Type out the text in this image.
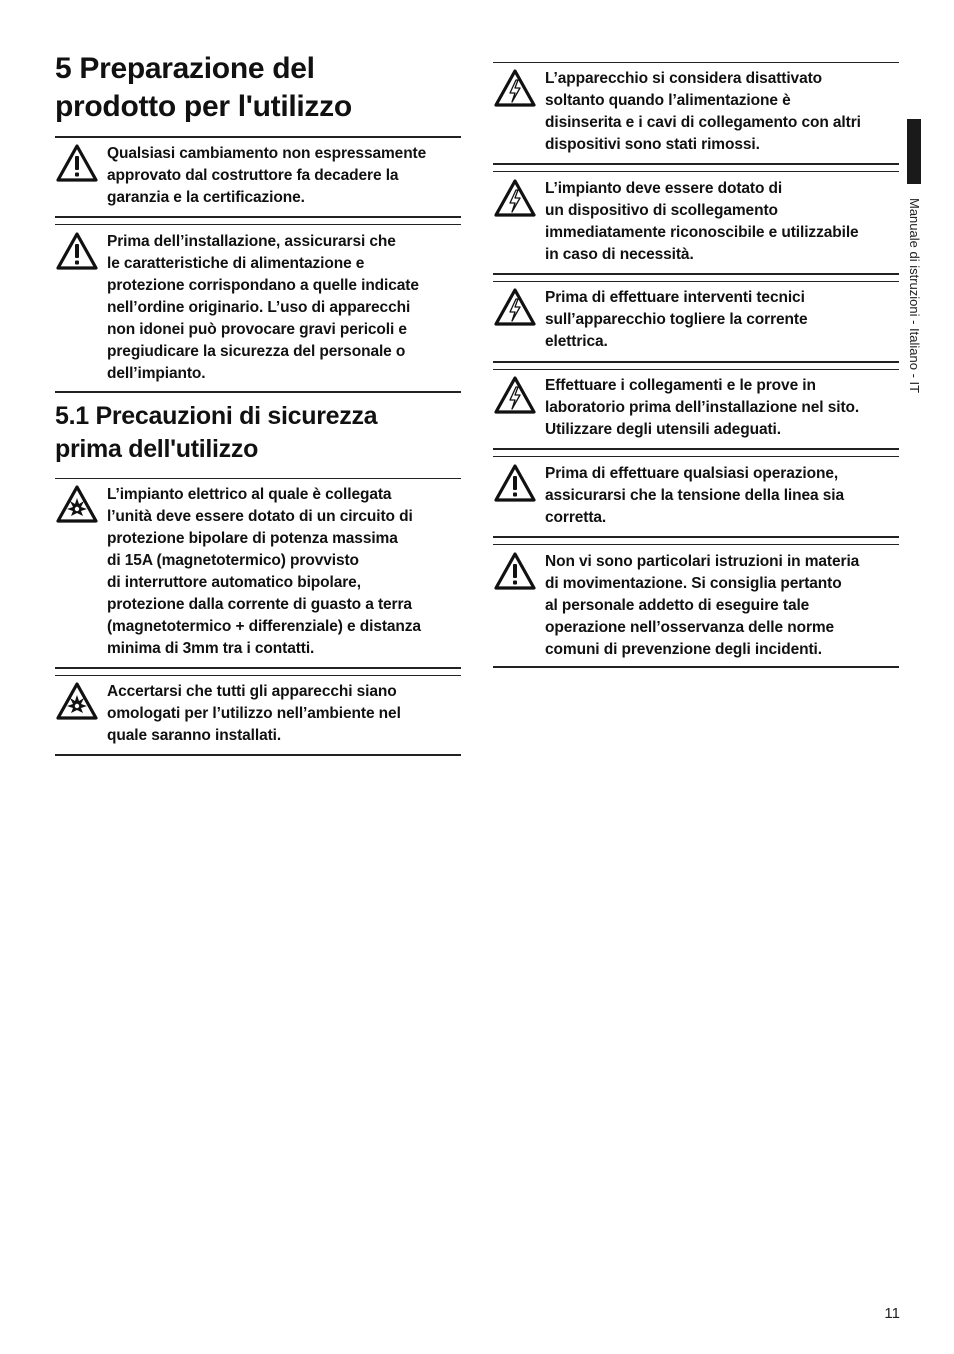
5 Preparazione del
prodotto per l'utilizzo
Qualsiasi cambiamento non espressamente
approvato dal costruttore fa decadere la
garanzia e la certificazione.
Prima dell’installazione, assicurarsi che
le caratteristiche di alimentazione e
protezione corrispondano a quelle indicate
nell’ordine originario. L’uso di apparecchi
non idonei può provocare gravi pericoli e
pregiudicare la sicurezza del personale o
dell’impianto.
5.1 Precauzioni di sicurezza
prima dell'utilizzo
L’impianto elettrico al quale è collegata
l’unità deve essere dotato di un circuito di
protezione bipolare di potenza massima
di 15A (magnetotermico) provvisto
di interruttore automatico bipolare,
protezione dalla corrente di guasto a terra
(magnetotermico + differenziale) e distanza
minima di 3mm tra i contatti.
Accertarsi che tutti gli apparecchi siano
omologati per l’utilizzo nell’ambiente nel
quale saranno installati.
L’apparecchio si considera disattivato
soltanto quando l’alimentazione è
disinserita e i cavi di collegamento con altri
dispositivi sono stati rimossi.
L’impianto deve essere dotato di
un dispositivo di scollegamento
immediatamente riconoscibile e utilizzabile
in caso di necessità.
Prima di effettuare interventi tecnici
sull’apparecchio togliere la corrente
elettrica.
Effettuare i collegamenti e le prove in
laboratorio prima dell’installazione nel sito.
Utilizzare degli utensili adeguati.
Prima di effettuare qualsiasi operazione,
assicurarsi che la tensione della linea sia
corretta.
Non vi sono particolari istruzioni in materia
di movimentazione. Si consiglia pertanto
al personale addetto di eseguire tale
operazione nell’osservanza delle norme
comuni di prevenzione degli incidenti.
Manuale di istruzioni - Italiano - IT
11
